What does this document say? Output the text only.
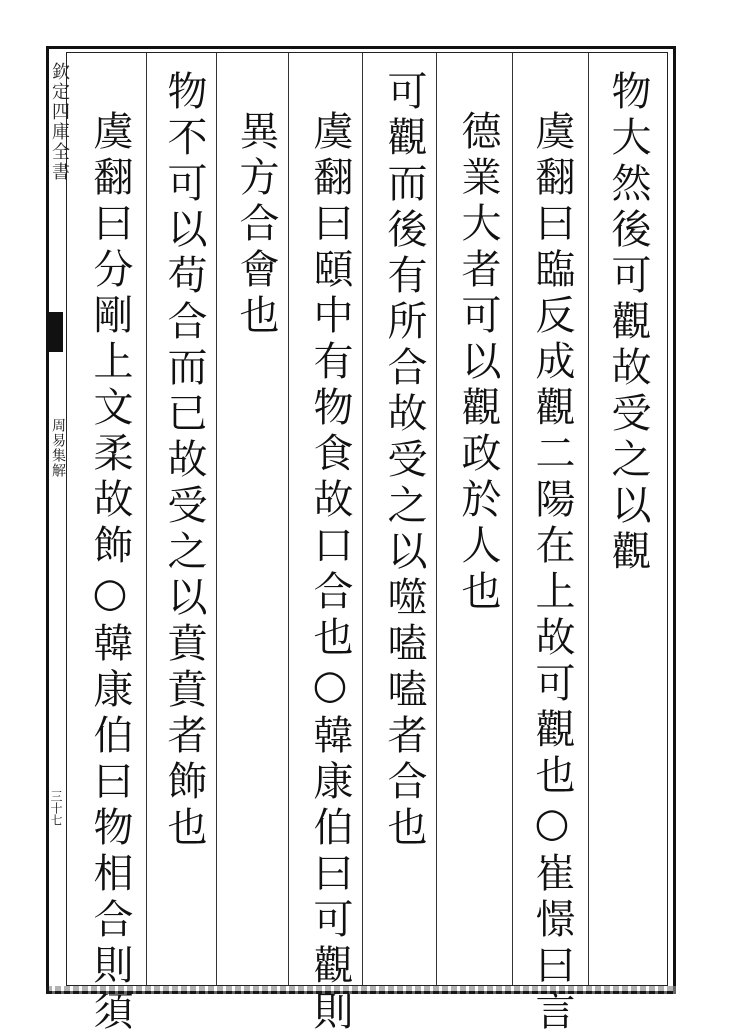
欽定四庫全書
周易集解
三十七
物大然後可觀故受之以觀
虞翻曰臨反成觀二陽在上故可觀也○崔憬曰言
德業大者可以觀政於人也
可觀而後有所合故受之以噬嗑嗑者合也
虞翻曰頤中有物食故口合也○韓康伯曰可觀則
異方合會也
物不可以苟合而已故受之以賁賁者飾也
虞翻曰分剛上文柔故飾○韓康伯曰物相合則須
